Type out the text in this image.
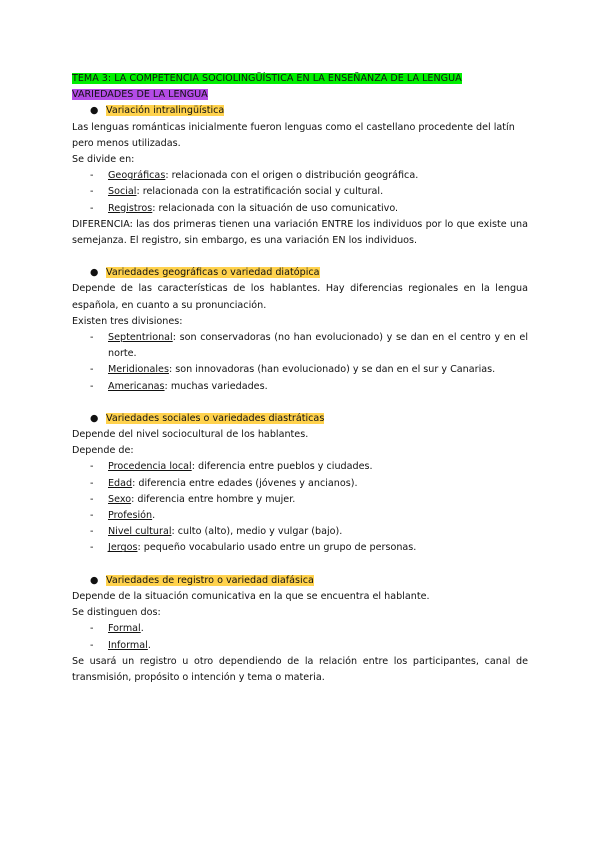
TEMA 3: LA COMPETENCIA SOCIOLINGÜÍSTICA EN LA ENSEÑANZA DE LA LENGUA

VARIEDADES DE LA LENGUA

● Variación intralingüística

Las lenguas románticas inicialmente fueron lenguas como el castellano procedente del latín pero menos utilizadas.

Se divide en:

- Geográficas: relacionada con el origen o distribución geográfica.
- Social: relacionada con la estratificación social y cultural.
- Registros: relacionada con la situación de uso comunicativo.

DIFERENCIA: las dos primeras tienen una variación ENTRE los individuos por lo que existe una semejanza. El registro, sin embargo, es una variación EN los individuos.

● Variedades geográficas o variedad diatópica

Depende de las características de los hablantes. Hay diferencias regionales en la lengua española, en cuanto a su pronunciación.

Existen tres divisiones:

- Septentrional: son conservadoras (no han evolucionado) y se dan en el centro y en el norte.
- Meridionales: son innovadoras (han evolucionado) y se dan en el sur y Canarias.
- Americanas: muchas variedades.

● Variedades sociales o variedades diastráticas

Depende del nivel sociocultural de los hablantes.

Depende de:

- Procedencia local: diferencia entre pueblos y ciudades.
- Edad: diferencia entre edades (jóvenes y ancianos).
- Sexo: diferencia entre hombre y mujer.
- Profesión.
- Nivel cultural: culto (alto), medio y vulgar (bajo).
- Jergos: pequeño vocabulario usado entre un grupo de personas.

● Variedades de registro o variedad diafásica

Depende de la situación comunicativa en la que se encuentra el hablante.

Se distinguen dos:

- Formal.
- Informal.

Se usará un registro u otro dependiendo de la relación entre los participantes, canal de transmisión, propósito o intención y tema o materia.
